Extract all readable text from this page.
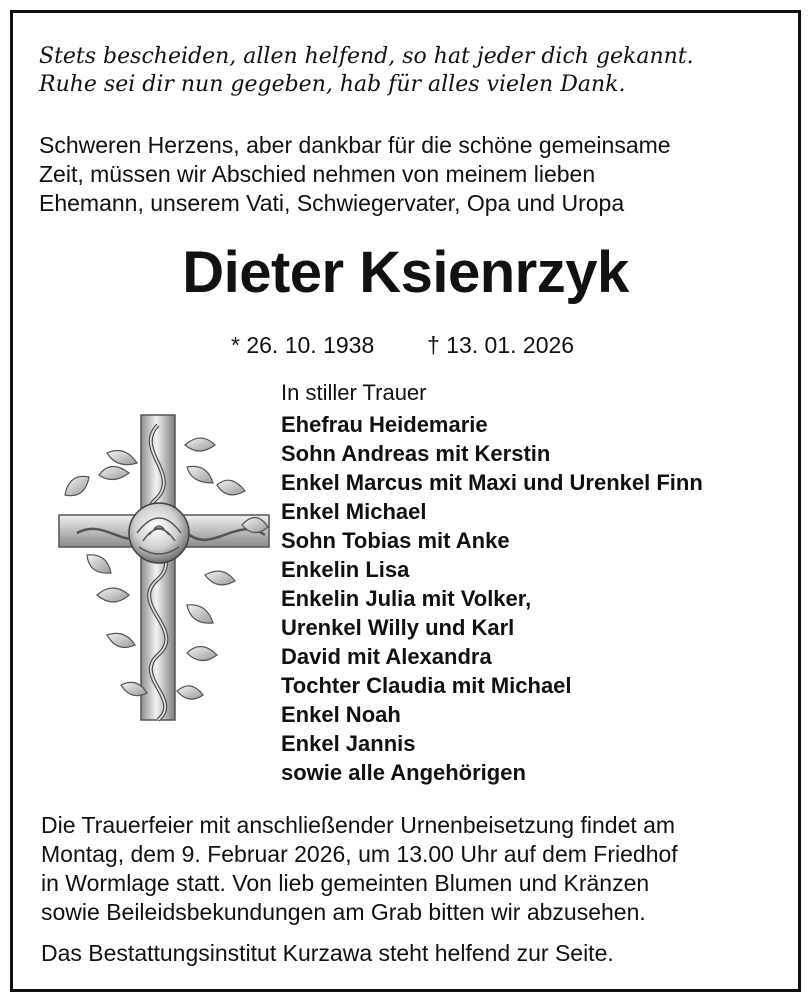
Stets bescheiden, allen helfend, so hat jeder dich gekannt.
Ruhe sei dir nun gegeben, hab für alles vielen Dank.
Schweren Herzens, aber dankbar für die schöne gemeinsame
Zeit, müssen wir Abschied nehmen von meinem lieben
Ehemann, unserem Vati, Schwiegervater, Opa und Uropa
Dieter Ksienrzyk
* 26. 10. 1938 † 13. 01. 2026
In stiller Trauer
Ehefrau Heidemarie
Sohn Andreas mit Kerstin
Enkel Marcus mit Maxi und Urenkel Finn
Enkel Michael
Sohn Tobias mit Anke
Enkelin Lisa
Enkelin Julia mit Volker,
Urenkel Willy und Karl
David mit Alexandra
Tochter Claudia mit Michael
Enkel Noah
Enkel Jannis
sowie alle Angehörigen
Die Trauerfeier mit anschließender Urnenbeisetzung findet am
Montag, dem 9. Februar 2026, um 13.00 Uhr auf dem Friedhof
in Wormlage statt. Von lieb gemeinten Blumen und Kränzen
sowie Beileidsbekundungen am Grab bitten wir abzusehen.
Das Bestattungsinstitut Kurzawa steht helfend zur Seite.
